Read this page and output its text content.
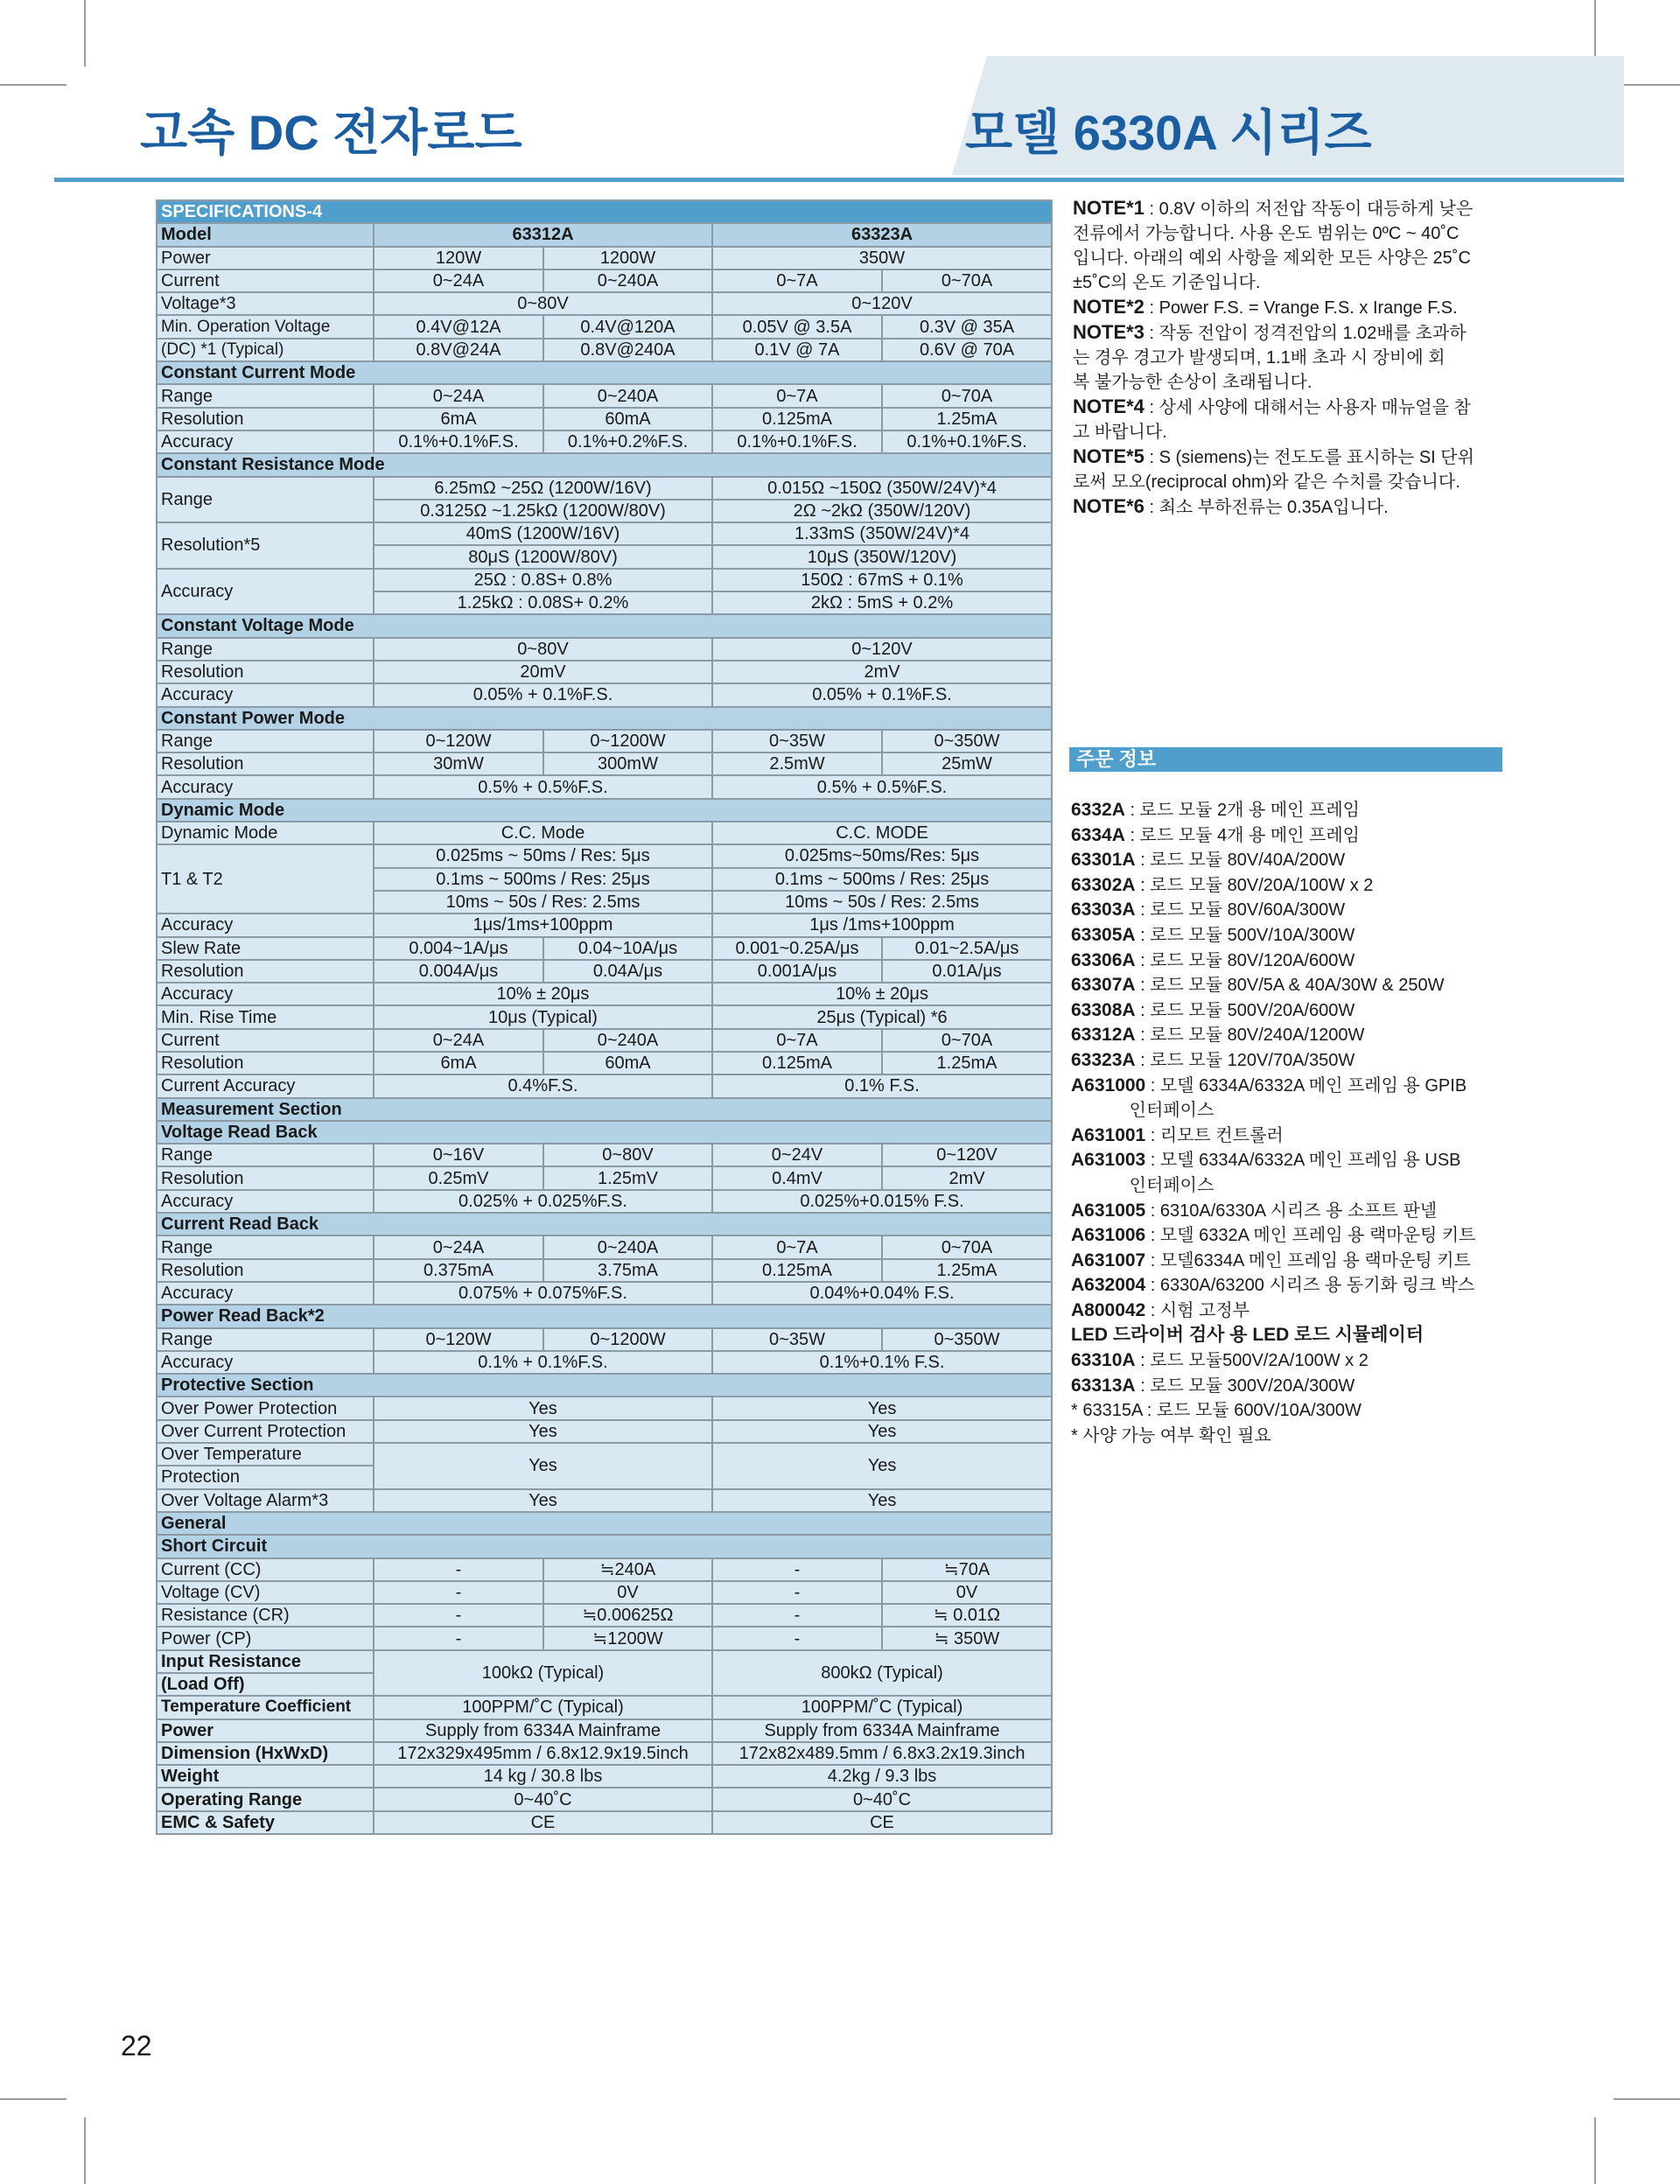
고속 DC 전자로드	모델 6330A 시리즈
SPECIFICATIONS-4				
Model	63312A		63323A	
Power	120W	1200W	350W	
Current	0~24A	0~240A	0~7A	0~70A
Voltage*3	0~80V		0~120V	
Min. Operation Voltage	0.4V@12A	0.4V@120A	0.05V @ 3.5A	0.3V @ 35A
(DC) *1 (Typical)	0.8V@24A	0.8V@240A	0.1V @ 7A	0.6V @ 70A
Constant Current Mode				
Range	0~24A	0~240A	0~7A	0~70A
Resolution	6mA	60mA	0.125mA	1.25mA
Accuracy	0.1%+0.1%F.S.	0.1%+0.2%F.S.	0.1%+0.1%F.S.	0.1%+0.1%F.S.
Constant Resistance Mode				
Range	6.25mΩ ~25Ω (1200W/16V)		0.015Ω ~150Ω (350W/24V)*4	
	0.3125Ω ~1.25kΩ (1200W/80V)		2Ω ~2kΩ (350W/120V)	
Resolution*5	40mS (1200W/16V)		1.33mS (350W/24V)*4	
	80μS (1200W/80V)		10μS (350W/120V)	
Accuracy	25Ω : 0.8S+ 0.8%		150Ω : 67mS + 0.1%	
	1.25kΩ : 0.08S+ 0.2%		2kΩ : 5mS + 0.2%	
Constant Voltage Mode				
Range	0~80V		0~120V	
Resolution	20mV		2mV	
Accuracy	0.05% + 0.1%F.S.		0.05% + 0.1%F.S.	
Constant Power Mode				
Range	0~120W	0~1200W	0~35W	0~350W
Resolution	30mW	300mW	2.5mW	25mW
Accuracy	0.5% + 0.5%F.S.		0.5% + 0.5%F.S.	
Dynamic Mode				
Dynamic Mode	C.C. Mode		C.C. MODE	
T1 & T2	0.025ms ~ 50ms / Res: 5μs		0.025ms~50ms/Res: 5μs	
	0.1ms ~ 500ms / Res: 25μs		0.1ms ~ 500ms / Res: 25μs	
	10ms ~ 50s / Res: 2.5ms		10ms ~ 50s / Res: 2.5ms	
Accuracy	1μs/1ms+100ppm		1μs /1ms+100ppm	
Slew Rate	0.004~1A/μs	0.04~10A/μs	0.001~0.25A/μs	0.01~2.5A/μs
Resolution	0.004A/μs	0.04A/μs	0.001A/μs	0.01A/μs
Accuracy	10% ± 20μs		10% ± 20μs	
Min. Rise Time	10μs (Typical)		25μs (Typical) *6	
Current	0~24A	0~240A	0~7A	0~70A
Resolution	6mA	60mA	0.125mA	1.25mA
Current Accuracy	0.4%F.S.		0.1% F.S.	
Measurement Section				
Voltage Read Back				
Range	0~16V	0~80V	0~24V	0~120V
Resolution	0.25mV	1.25mV	0.4mV	2mV
Accuracy	0.025% + 0.025%F.S.		0.025%+0.015% F.S.	
Current Read Back				
Range	0~24A	0~240A	0~7A	0~70A
Resolution	0.375mA	3.75mA	0.125mA	1.25mA
Accuracy	0.075% + 0.075%F.S.		0.04%+0.04% F.S.	
Power Read Back*2				
Range	0~120W	0~1200W	0~35W	0~350W
Accuracy	0.1% + 0.1%F.S.		0.1%+0.1% F.S.	
Protective Section				
Over Power Protection	Yes		Yes	
Over Current Protection	Yes		Yes	
Over Temperature	Yes		Yes	
Protection				
Over Voltage Alarm*3	Yes		Yes	
General				
Short Circuit				
Current (CC)	-	≒240A	-	≒70A
Voltage (CV)	-	0V	-	0V
Resistance (CR)	-	≒0.00625Ω	-	≒ 0.01Ω
Power (CP)	-	≒1200W	-	≒ 350W
Input Resistance	100kΩ (Typical)		800kΩ (Typical)	
(Load Off)				
Temperature Coefficient	100PPM/˚C (Typical)		100PPM/˚C (Typical)	
Power	Supply from 6334A Mainframe		Supply from 6334A Mainframe	
Dimension (HxWxD)	172x329x495mm / 6.8x12.9x19.5inch		172x82x489.5mm / 6.8x3.2x19.3inch	
Weight	14 kg / 30.8 lbs		4.2kg / 9.3 lbs	
Operating Range	0~40˚C		0~40˚C	
EMC & Safety	CE		CE	

NOTE*1 : 0.8V 이하의 저전압 작동이 대등하게 낮은
전류에서 가능합니다. 사용 온도 범위는 0ºC ~ 40˚C
입니다. 아래의 예외 사항을 제외한 모든 사양은 25˚C
±5˚C의 온도 기준입니다.

NOTE*2 : Power F.S. = Vrange F.S. x Irange F.S.

NOTE*3 : 작동 전압이 정격전압의 1.02배를 초과하
는 경우 경고가 발생되며, 1.1배 초과 시 장비에 회
복 불가능한 손상이 초래됩니다.

NOTE*4 : 상세 사양에 대해서는 사용자 매뉴얼을 참
고 바랍니다.

NOTE*5 : S (siemens)는 전도도를 표시하는 SI 단위
로써 모오(reciprocal ohm)와 같은 수치를 갖습니다.

NOTE*6 : 최소 부하전류는 0.35A입니다.

주문 정보

6332A : 로드 모듈 2개 용 메인 프레임

6334A : 로드 모듈 4개 용 메인 프레임

63301A : 로드 모듈 80V/40A/200W

63302A : 로드 모듈 80V/20A/100W x 2

63303A : 로드 모듈 80V/60A/300W

63305A : 로드 모듈 500V/10A/300W

63306A : 로드 모듈 80V/120A/600W

63307A : 로드 모듈 80V/5A & 40A/30W & 250W

63308A : 로드 모듈 500V/20A/600W

63312A : 로드 모듈 80V/240A/1200W

63323A : 로드 모듈 120V/70A/350W

A631000 : 모델 6334A/6332A 메인 프레임 용 GPIB

인터페이스

A631001 : 리모트 컨트롤러

A631003 : 모델 6334A/6332A 메인 프레임 용 USB

인터페이스

A631005 : 6310A/6330A 시리즈 용 소프트 판넬

A631006 : 모델 6332A 메인 프레임 용 랙마운팅 키트

A631007 : 모델6334A 메인 프레임 용 랙마운팅 키트

A632004 : 6330A/63200 시리즈 용 동기화 링크 박스

A800042 : 시험 고정부

LED 드라이버 검사 용 LED 로드 시뮬레이터

63310A : 로드 모듈500V/2A/100W x 2

63313A : 로드 모듈 300V/20A/300W

* 63315A : 로드 모듈 600V/10A/300W

* 사양 가능 여부 확인 필요

22
